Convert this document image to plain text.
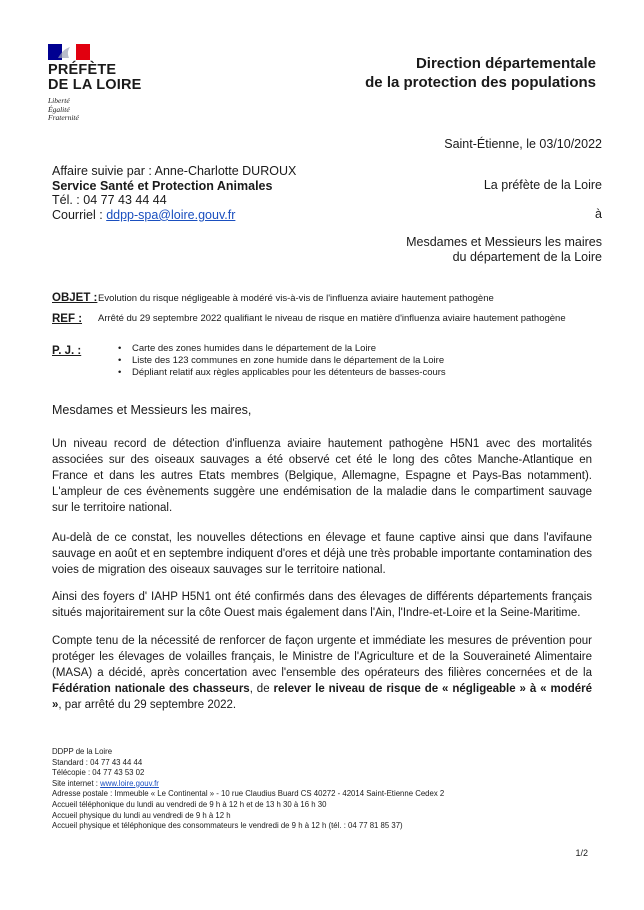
PRÉFÈTE
DE LA LOIRE
Liberté
Égalité
Fraternité
Direction départementale
de la protection des populations
Saint-Étienne, le 03/10/2022
Affaire suivie par : Anne-Charlotte DUROUX
Service Santé et Protection Animales
Tél. : 04 77 43 44 44
Courriel : ddpp-spa@loire.gouv.fr
La préfète de la Loire
à
Mesdames et Messieurs les maires
du département de la Loire
OBJET : Evolution du risque négligeable à modéré vis-à-vis de l'influenza aviaire hautement pathogène
REF : Arrêté du 29 septembre 2022 qualifiant le niveau de risque en matière d'influenza aviaire hautement pathogène
P. J. :
•	Carte des zones humides dans le département de la Loire
• Liste des 123 communes en zone humide dans le département de la Loire
• Dépliant relatif aux règles applicables pour les détenteurs de basses-cours
Mesdames et Messieurs les maires,
Un niveau record de détection d'influenza aviaire hautement pathogène H5N1 avec des mortalités associées sur des oiseaux sauvages a été observé cet été le long des côtes Manche-Atlantique en France et dans les autres Etats membres (Belgique, Allemagne, Espagne et Pays-Bas notamment). L'ampleur de ces évènements suggère une endémisation de la maladie dans le compartiment sauvage sur le territoire national.
Au-delà de ce constat, les nouvelles détections en élevage et faune captive ainsi que dans l'avifaune sauvage en août et en septembre indiquent d'ores et déjà une très probable importante contamination des voies de migration des oiseaux sauvages sur le territoire national.
Ainsi des foyers d' IAHP H5N1 ont été confirmés dans des élevages de différents départements français situés majoritairement sur la côte Ouest mais également dans l'Ain, l'Indre-et-Loire et la Seine-Maritime.
Compte tenu de la nécessité de renforcer de façon urgente et immédiate les mesures de prévention pour protéger les élevages de volailles français, le Ministre de l'Agriculture et de la Souveraineté Alimentaire (MASA) a décidé, après concertation avec l'ensemble des opérateurs des filières concernées et de la Fédération nationale des chasseurs, de relever le niveau de risque de « négligeable » à « modéré », par arrêté du 29 septembre 2022.
DDPP de la Loire
Standard : 04 77 43 44 44
Télécopie : 04 77 43 53 02
Site internet : www.loire.gouv.fr
Adresse postale : Immeuble « Le Continental » - 10 rue Claudius Buard CS 40272 - 42014 Saint-Etienne Cedex 2
Accueil téléphonique du lundi au vendredi de 9 h à 12 h et de 13 h 30 à 16 h 30
Accueil physique du lundi au vendredi de 9 h à 12 h
Accueil physique et téléphonique des consommateurs le vendredi de 9 h à 12 h (tél. : 04 77 81 85 37)
1/2
